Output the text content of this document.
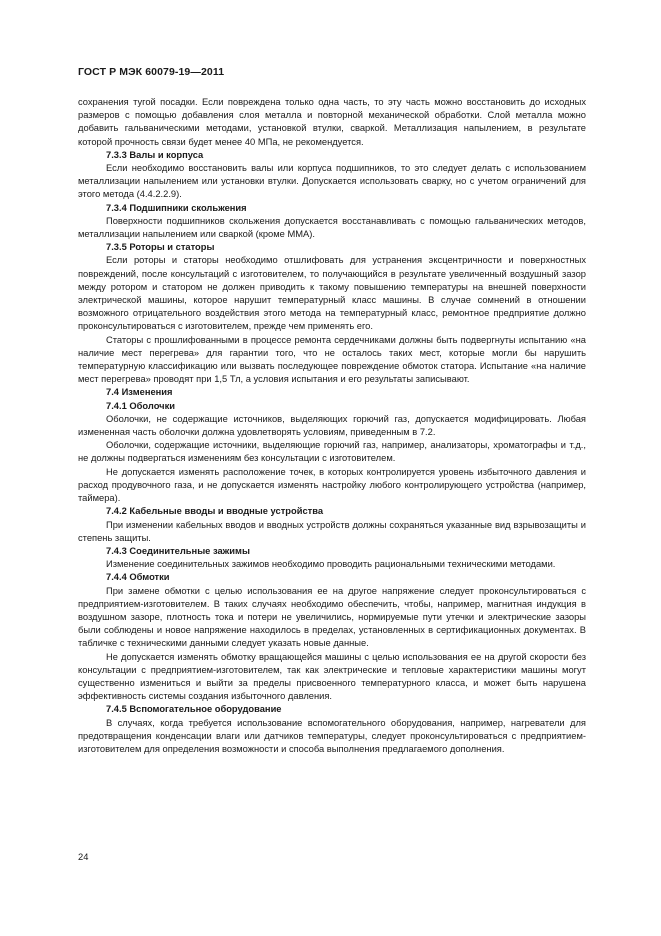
ГОСТ Р МЭК 60079-19—2011

сохранения тугой посадки. Если повреждена только одна часть, то эту часть можно восстановить до исходных размеров с помощью добавления слоя металла и повторной механической обработки. Слой металла можно добавить гальваническими методами, установкой втулки, сваркой. Металлизация напылением, в результате которой прочность связи будет менее 40 МПа, не рекомендуется.

7.3.3 Валы и корпуса

Если необходимо восстановить валы или корпуса подшипников, то это следует делать с использованием металлизации напылением или установки втулки. Допускается использовать сварку, но с учетом ограничений для этого метода (4.4.2.2.9).

7.3.4 Подшипники скольжения

Поверхности подшипников скольжения допускается восстанавливать с помощью гальванических методов, металлизации напылением или сваркой (кроме ММА).

7.3.5 Роторы и статоры

Если роторы и статоры необходимо отшлифовать для устранения эксцентричности и поверхностных повреждений, после консультаций с изготовителем, то получающийся в результате увеличенный воздушный зазор между ротором и статором не должен приводить к такому повышению температуры на внешней поверхности электрической машины, которое нарушит температурный класс машины. В случае сомнений в отношении возможного отрицательного воздействия этого метода на температурный класс, ремонтное предприятие должно проконсультироваться с изготовителем, прежде чем применять его.

Статоры с прошлифованными в процессе ремонта сердечниками должны быть подвергнуты испытанию «на наличие мест перегрева» для гарантии того, что не осталось таких мест, которые могли бы нарушить температурную классификацию или вызвать последующее повреждение обмоток статора. Испытание «на наличие мест перегрева» проводят при 1,5 Тл, а условия испытания и его результаты записывают.

7.4 Изменения
7.4.1 Оболочки

Оболочки, не содержащие источников, выделяющих горючий газ, допускается модифицировать. Любая измененная часть оболочки должна удовлетворять условиям, приведенным в 7.2.

Оболочки, содержащие источники, выделяющие горючий газ, например, анализаторы, хроматографы и т.д., не должны подвергаться изменениям без консультации с изготовителем.

Не допускается изменять расположение точек, в которых контролируется уровень избыточного давления и расход продувочного газа, и не допускается изменять настройку любого контролирующего устройства (например, таймера).

7.4.2 Кабельные вводы и вводные устройства

При изменении кабельных вводов и вводных устройств должны сохраняться указанные вид взрывозащиты и степень защиты.

7.4.3 Соединительные зажимы

Изменение соединительных зажимов необходимо проводить рациональными техническими методами.

7.4.4 Обмотки

При замене обмотки с целью использования ее на другое напряжение следует проконсультироваться с предприятием-изготовителем. В таких случаях необходимо обеспечить, чтобы, например, магнитная индукция в воздушном зазоре, плотность тока и потери не увеличились, нормируемые пути утечки и электрические зазоры были соблюдены и новое напряжение находилось в пределах, установленных в сертификационных документах. В табличке с техническими данными следует указать новые данные.

Не допускается изменять обмотку вращающейся машины с целью использования ее на другой скорости без консультации с предприятием-изготовителем, так как электрические и тепловые характеристики машины могут существенно измениться и выйти за пределы присвоенного температурного класса, и может быть нарушена эффективность системы создания избыточного давления.

7.4.5 Вспомогательное оборудование

В случаях, когда требуется использование вспомогательного оборудования, например, нагреватели для предотвращения конденсации влаги или датчиков температуры, следует проконсультироваться с предприятием-изготовителем для определения возможности и способа выполнения предлагаемого дополнения.

24
